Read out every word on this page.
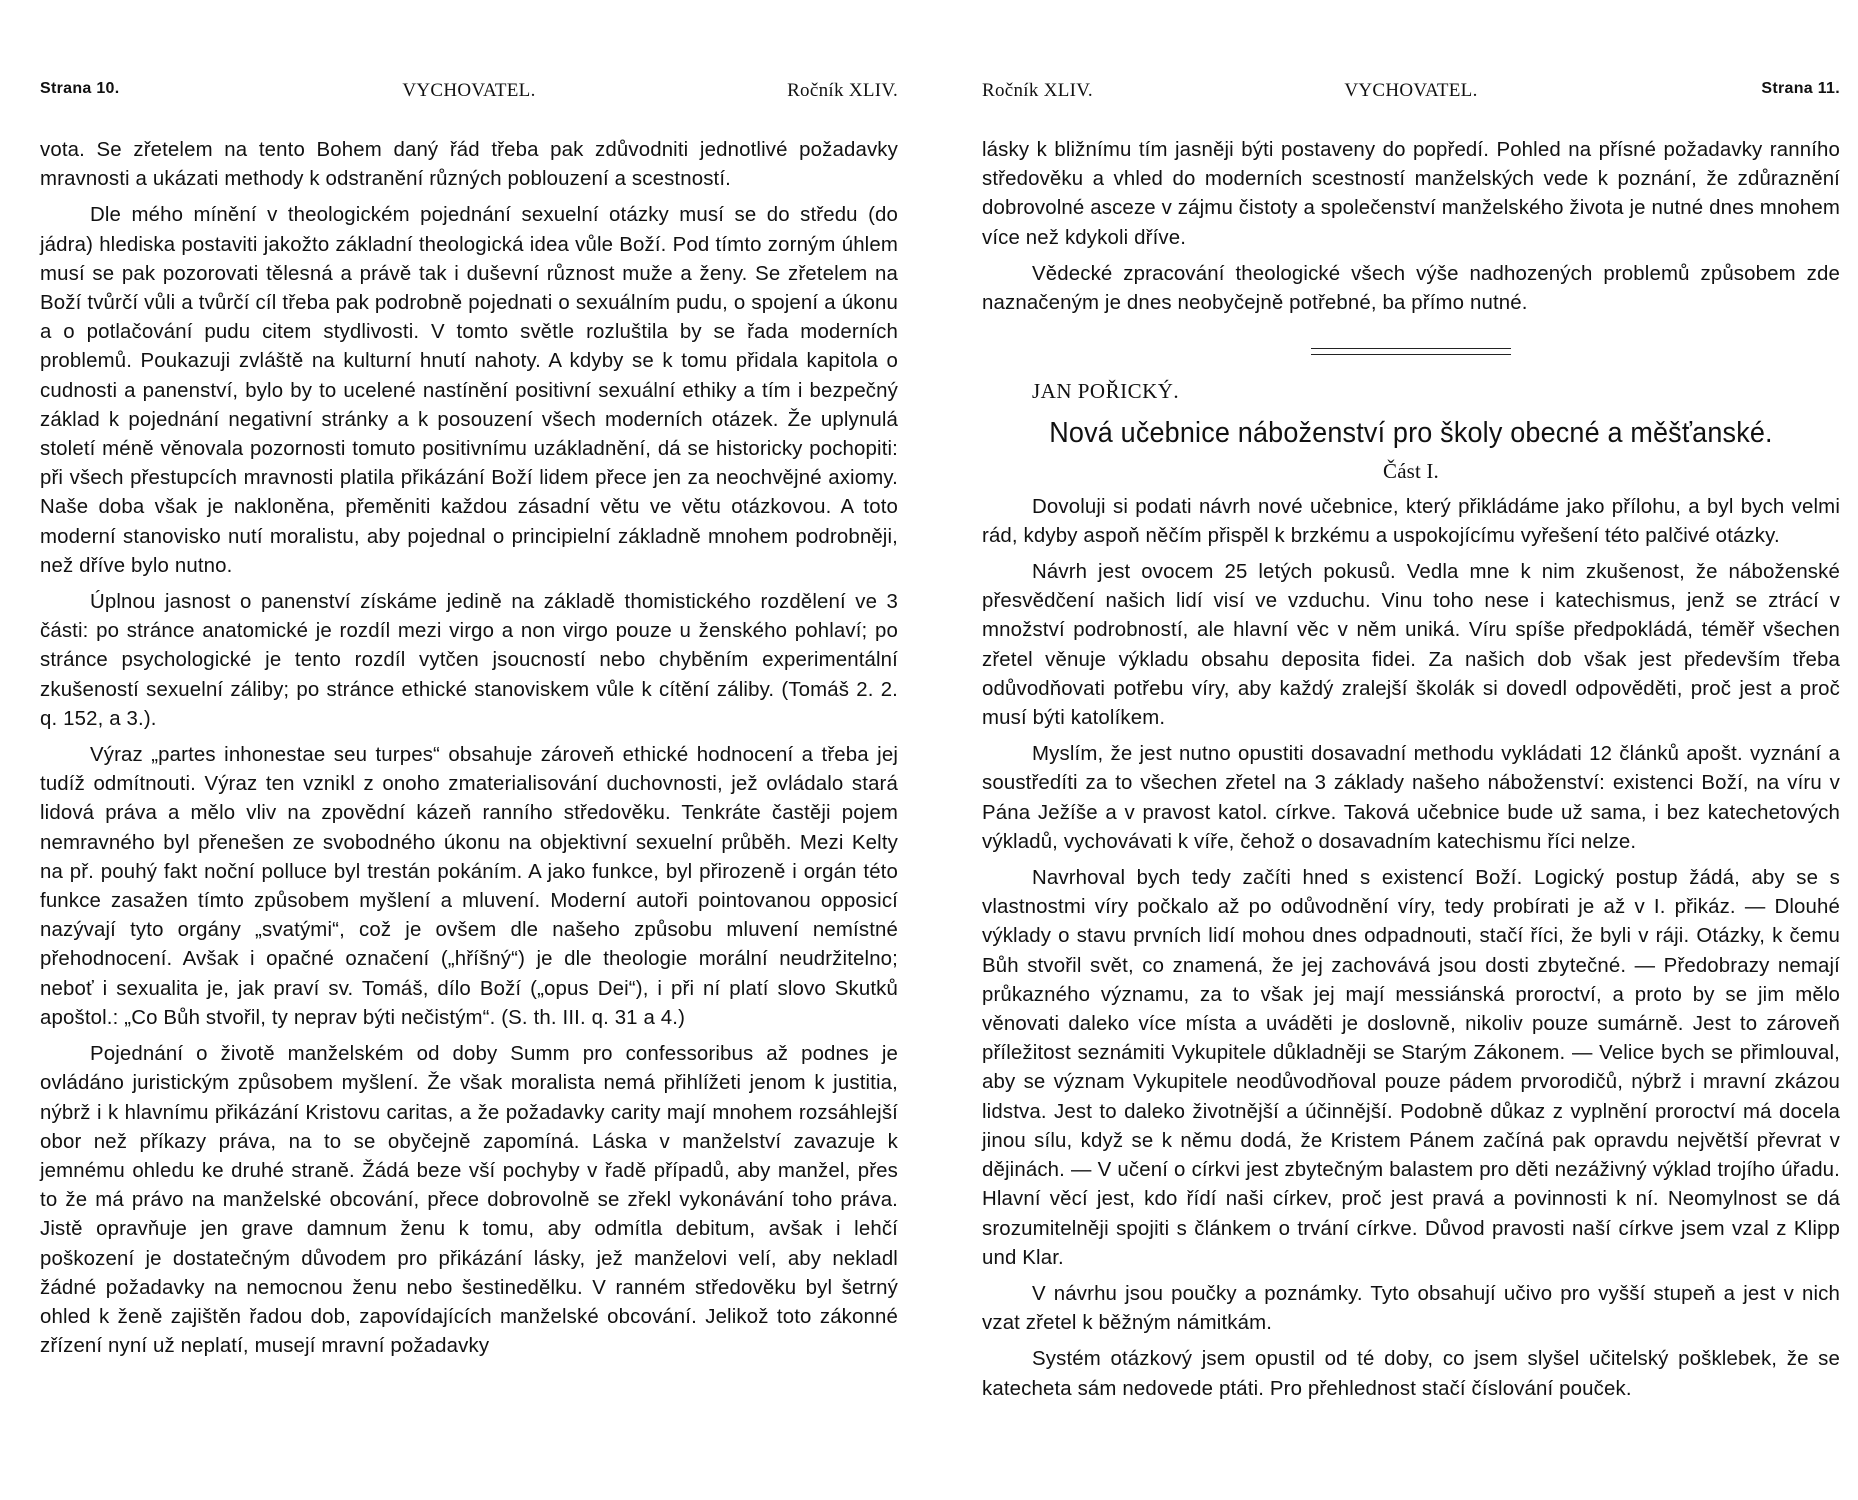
Strana 10.	VYCHOVATEL.	Ročník XLIV.

vota. Se zřetelem na tento Bohem daný řád třeba pak zdůvodniti jednotlivé požadavky mravnosti a ukázati methody k odstranění různých poblouzení a scestností.

Dle mého mínění v theologickém pojednání sexuelní otázky musí se do středu (do jádra) hlediska postaviti jakožto základní theologická idea vůle Boží. Pod tímto zorným úhlem musí se pak pozorovati tělesná a právě tak i duševní různost muže a ženy. Se zřetelem na Boží tvůrčí vůli a tvůrčí cíl třeba pak podrobně pojednati o sexuálním pudu, o spojení a úkonu a o potlačování pudu citem stydlivosti. V tomto světle rozluštila by se řada moderních problemů. Poukazuji zvláště na kulturní hnutí nahoty. A kdyby se k tomu přidala kapitola o cudnosti a panenství, bylo by to ucelené nastínění positivní sexuální ethiky a tím i bezpečný základ k pojednání negativní stránky a k posouzení všech moderních otázek. Že uplynulá století méně věnovala pozornosti tomuto positivnímu uzákladnění, dá se historicky pochopiti: při všech přestupcích mravnosti platila přikázání Boží lidem přece jen za neochvějné axiomy. Naše doba však je nakloněna, přeměniti každou zásadní větu ve větu otázkovou. A toto moderní stanovisko nutí moralistu, aby pojednal o principielní základně mnohem podrobněji, než dříve bylo nutno.

Úplnou jasnost o panenství získáme jedině na základě thomistického rozdělení ve 3 části: po stránce anatomické je rozdíl mezi virgo a non virgo pouze u ženského pohlaví; po stránce psychologické je tento rozdíl vytčen jsoucností nebo chyběním experimentální zkušeností sexuelní záliby; po stránce ethické stanoviskem vůle k cítění záliby. (Tomáš 2. 2. q. 152, a 3.).

Výraz „partes inhonestae seu turpes“ obsahuje zároveň ethické hodnocení a třeba jej tudíž odmítnouti. Výraz ten vznikl z onoho zmaterialisování duchovnosti, jež ovládalo stará lidová práva a mělo vliv na zpovědní kázeň ranního středověku. Tenkráte častěji pojem nemravného byl přenešen ze svobodného úkonu na objektivní sexuelní průběh. Mezi Kelty na př. pouhý fakt noční polluce byl trestán pokáním. A jako funkce, byl přirozeně i orgán této funkce zasažen tímto způsobem myšlení a mluvení. Moderní autoři pointovanou opposicí nazývají tyto orgány „svatými“, což je ovšem dle našeho způsobu mluvení nemístné přehodnocení. Avšak i opačné označení („hříšný“) je dle theologie morální neudržitelno; neboť i sexualita je, jak praví sv. Tomáš, dílo Boží („opus Dei“), i při ní platí slovo Skutků apoštol.: „Co Bůh stvořil, ty neprav býti nečistým“. (S. th. III. q. 31 a 4.)

Pojednání o životě manželském od doby Summ pro confessoribus až podnes je ovládáno juristickým způsobem myšlení. Že však moralista nemá přihlížeti jenom k justitia, nýbrž i k hlavnímu přikázání Kristovu caritas, a že požadavky carity mají mnohem rozsáhlejší obor než příkazy práva, na to se obyčejně zapomíná. Láska v manželství zavazuje k jemnému ohledu ke druhé straně. Žádá beze vší pochyby v řadě případů, aby manžel, přes to že má právo na manželské obcování, přece dobrovolně se zřekl vykonávání toho práva. Jistě opravňuje jen grave damnum ženu k tomu, aby odmítla debitum, avšak i lehčí poškození je dostatečným důvodem pro přikázání lásky, jež manželovi velí, aby nekladl žádné požadavky na nemocnou ženu nebo šestinedělku. V ranném středověku byl šetrný ohled k ženě zajištěn řadou dob, zapovídajících manželské obcování. Jelikož toto zákonné zřízení nyní už neplatí, musejí mravní požadavky

Ročník XLIV.	VYCHOVATEL.	Strana 11.

lásky k bližnímu tím jasněji býti postaveny do popředí. Pohled na přísné požadavky ranního středověku a vhled do moderních scestností manželských vede k poznání, že zdůraznění dobrovolné asceze v zájmu čistoty a společenství manželského života je nutné dnes mnohem více než kdykoli dříve.

Vědecké zpracování theologické všech výše nadhozených problemů způsobem zde naznačeným je dnes neobyčejně potřebné, ba přímo nutné.

JAN POŘICKÝ.

Nová učebnice náboženství pro školy obecné a měšťanské.
Část I.

Dovoluji si podati návrh nové učebnice, který přikládáme jako přílohu, a byl bych velmi rád, kdyby aspoň něčím přispěl k brzkému a uspokojícímu vyřešení této palčivé otázky.

Návrh jest ovocem 25 letých pokusů. Vedla mne k nim zkušenost, že náboženské přesvědčení našich lidí visí ve vzduchu. Vinu toho nese i katechismus, jenž se ztrácí v množství podrobností, ale hlavní věc v něm uniká. Víru spíše předpokládá, téměř všechen zřetel věnuje výkladu obsahu deposita fidei. Za našich dob však jest především třeba odůvodňovati potřebu víry, aby každý zralejší školák si dovedl odpověděti, proč jest a proč musí býti katolíkem.

Myslím, že jest nutno opustiti dosavadní methodu vykládati 12 článků apošt. vyznání a soustředíti za to všechen zřetel na 3 základy našeho náboženství: existenci Boží, na víru v Pána Ježíše a v pravost katol. církve. Taková učebnice bude už sama, i bez katechetových výkladů, vychovávati k víře, čehož o dosavadním katechismu říci nelze.

Navrhoval bych tedy začíti hned s existencí Boží. Logický postup žádá, aby se s vlastnostmi víry počkalo až po odůvodnění víry, tedy probírati je až v I. přikáz. — Dlouhé výklady o stavu prvních lidí mohou dnes odpadnouti, stačí říci, že byli v ráji. Otázky, k čemu Bůh stvořil svět, co znamená, že jej zachovává jsou dosti zbytečné. — Předobrazy nemají průkazného významu, za to však jej mají messiánská proroctví, a proto by se jim mělo věnovati daleko více místa a uváděti je doslovně, nikoliv pouze sumárně. Jest to zároveň příležitost seznámiti Vykupitele důkladněji se Starým Zákonem. — Velice bych se přimlouval, aby se význam Vykupitele neodůvodňoval pouze pádem prvorodičů, nýbrž i mravní zkázou lidstva. Jest to daleko životnější a účinnější. Podobně důkaz z vyplnění proroctví má docela jinou sílu, když se k němu dodá, že Kristem Pánem začíná pak opravdu největší převrat v dějinách. — V učení o církvi jest zbytečným balastem pro děti nezáživný výklad trojího úřadu. Hlavní věcí jest, kdo řídí naši církev, proč jest pravá a povinnosti k ní. Neomylnost se dá srozumitelněji spojiti s článkem o trvání církve. Důvod pravosti naší církve jsem vzal z Klipp und Klar.

V návrhu jsou poučky a poznámky. Tyto obsahují učivo pro vyšší stupeň a jest v nich vzat zřetel k běžným námitkám.

Systém otázkový jsem opustil od té doby, co jsem slyšel učitelský pošklebek, že se katecheta sám nedovede ptáti. Pro přehlednost stačí číslování pouček.
